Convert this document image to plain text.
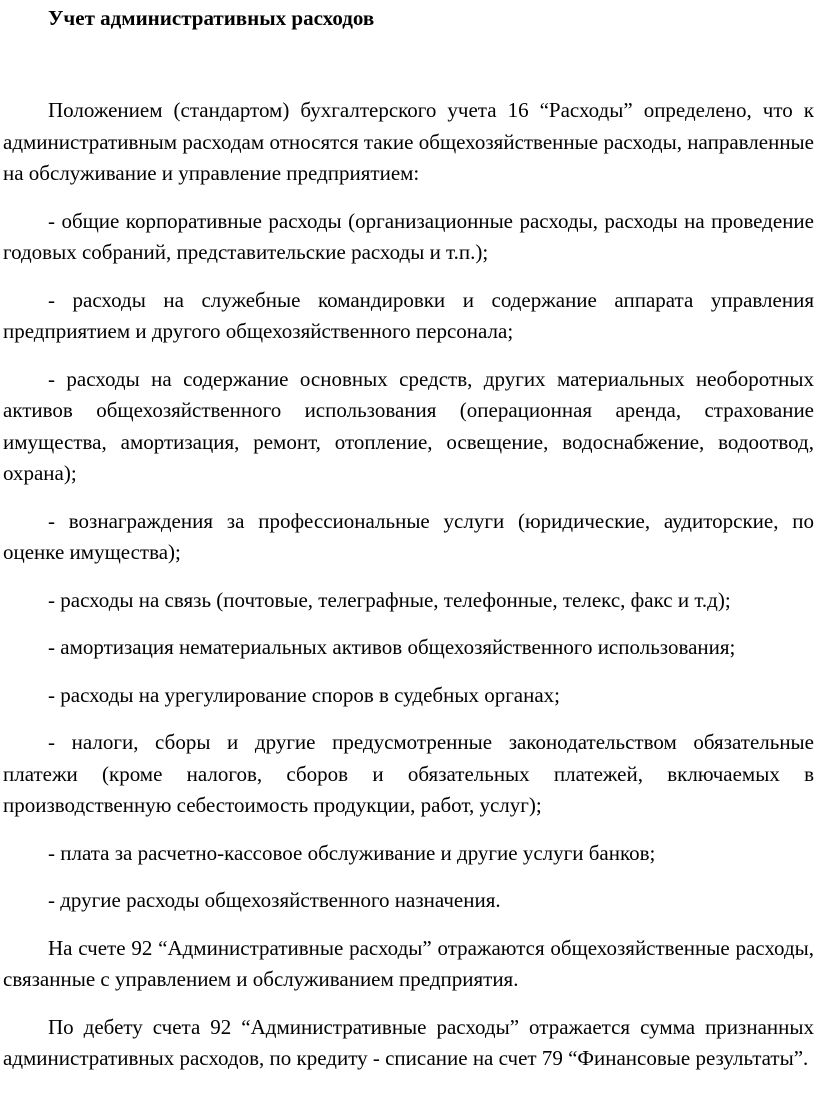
Учет административных расходов

Положением (стандартом) бухгалтерского учета 16 “Расходы” определено, что к административным расходам относятся такие общехозяйственные расходы, направленные на обслуживание и управление предприятием:

- общие корпоративные расходы (организационные расходы, расходы на проведение годовых собраний, представительские расходы и т.п.);

- расходы на служебные командировки и содержание аппарата управления предприятием и другого общехозяйственного персонала;

- расходы на содержание основных средств, других материальных необоротных активов общехозяйственного использования (операционная аренда, страхование имущества, амортизация, ремонт, отопление, освещение, водоснабжение, водоотвод, охрана);

- вознаграждения за профессиональные услуги (юридические, аудиторские, по оценке имущества);

- расходы на связь (почтовые, телеграфные, телефонные, телекс, факс и т.д);

- амортизация нематериальных активов общехозяйственного использования;

- расходы на урегулирование споров в судебных органах;

- налоги, сборы и другие предусмотренные законодательством обязательные платежи (кроме налогов, сборов и обязательных платежей, включаемых в производственную себестоимость продукции, работ, услуг);

- плата за расчетно-кассовое обслуживание и другие услуги банков;

- другие расходы общехозяйственного назначения.

На счете 92 “Административные расходы” отражаются общехозяйственные расходы, связанные с управлением и обслуживанием предприятия.

По дебету счета 92 “Административные расходы” отражается сумма признанных административных расходов, по кредиту - списание на счет 79 “Финансовые результаты”.
